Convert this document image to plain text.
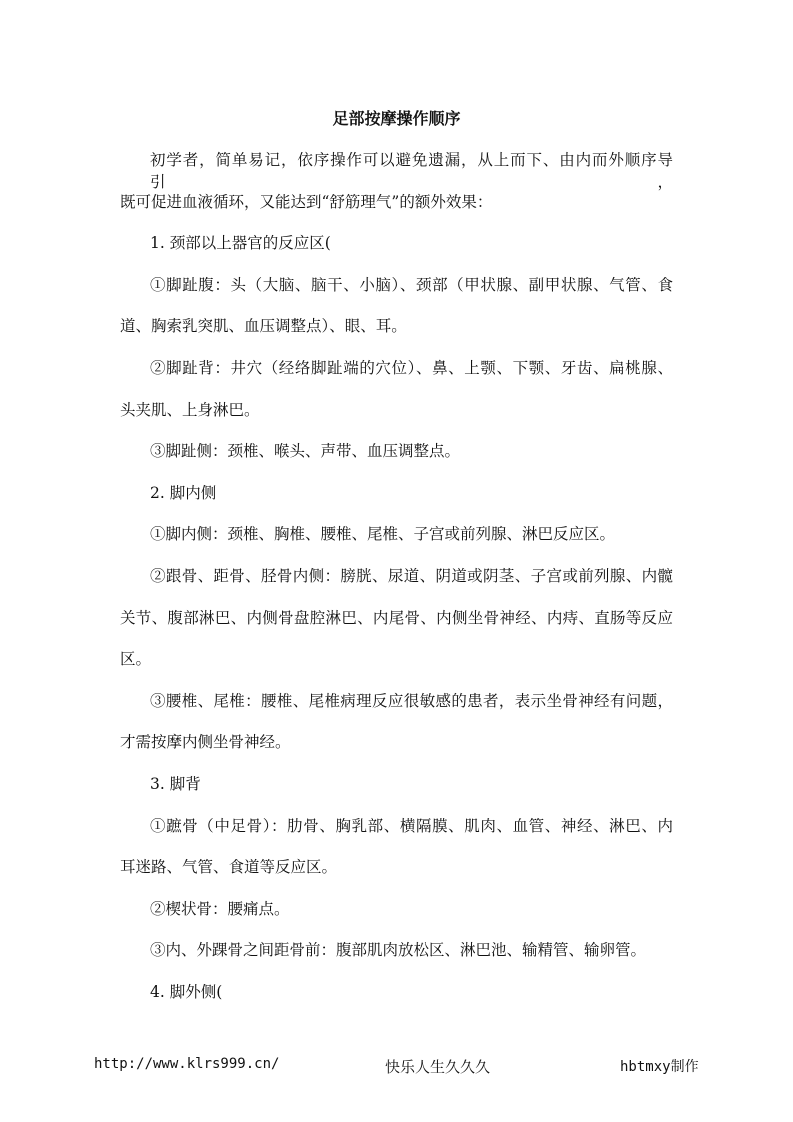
足部按摩操作顺序
初学者，简单易记，依序操作可以避免遗漏，从上而下、由内而外顺序导引，
既可促进血液循环，又能达到“舒筋理气”的额外效果：
1. 颈部以上器官的反应区(
①脚趾腹：头（大脑、脑干、小脑）、颈部（甲状腺、副甲状腺、气管、食
道、胸索乳突肌、血压调整点）、眼、耳。
②脚趾背：井穴（经络脚趾端的穴位）、鼻、上颚、下颚、牙齿、扁桃腺、
头夹肌、上身淋巴。
③脚趾侧：颈椎、喉头、声带、血压调整点。
2. 脚内侧
①脚内侧：颈椎、胸椎、腰椎、尾椎、子宫或前列腺、淋巴反应区。
②跟骨、距骨、胫骨内侧：膀胱、尿道、阴道或阴茎、子宫或前列腺、内髋
关节、腹部淋巴、内侧骨盘腔淋巴、内尾骨、内侧坐骨神经、内痔、直肠等反应
区。
③腰椎、尾椎：腰椎、尾椎病理反应很敏感的患者，表示坐骨神经有问题，
才需按摩内侧坐骨神经。
3. 脚背
①蹠骨（中足骨）：肋骨、胸乳部、横隔膜、肌肉、血管、神经、淋巴、内
耳迷路、气管、食道等反应区。
②楔状骨：腰痛点。
③内、外踝骨之间距骨前：腹部肌肉放松区、淋巴池、输精管、输卵管。
4. 脚外侧(
http://www.klrs999.cn/	快乐人生久久久	hbtmxy制作
